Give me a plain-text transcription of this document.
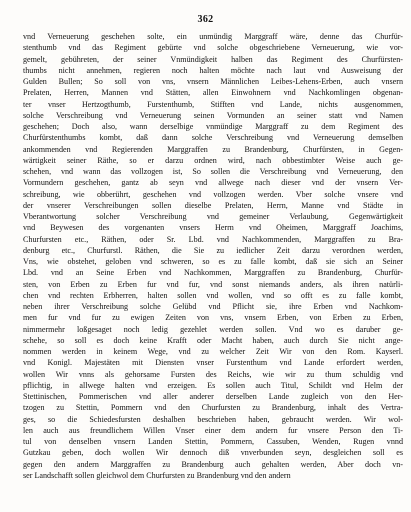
362
vnd Verneuerung geschehen solte, ein unmündig Marggraff wäre, denne das Churfür-
stenthumb vnd das Regiment gebürte vnd solche obgeschriebene Verneuerung, wie vor-
gemelt, gebühreten, der seiner Vnmündigkeit halben das Regiment des Churfürsten-
thumbs nicht annehmen, regieren noch halten möchte nach laut vnd Ausweisung der
Gulden Bullen; So soll von vns, vnsern Männlichen Leibes-Lehens-Erben, auch vnsern
Prelaten, Herren, Mannen vnd Stätten, allen Einwohnern vnd Nachkomlingen obgenan-
ter vnser Hertzogthumb, Furstenthumb, Stifften vnd Lande, nichts ausgenommen,
solche Verschreibung vnd Verneuerung seinen Vormunden an seiner statt vnd Namen
geschehen; Doch also, wann derselbige vnmündige Marggraff zu dem Regiment des
Churfürstenthumbs kombt, daß dann solche Verschreibung vnd Verneuerung demselben
ankommenden vnd Regierenden Marggraffen zu Brandenburg, Churfürsten, in Gegen-
wärtigkeit seiner Räthe, so er darzu ordnen wird, nach obbestimbter Weise auch ge-
schehen, vnd wann das vollzogen ist, So sollen die Verschreibung vnd Verneuerung, den
Vormundern geschehen, gantz ab seyn vnd allwege nach dieser vnd der vnsern Ver-
schreibung, wie obberührt, geschehen vnd vollzogen werden. Vber solche vnsere vnd
der vnserer Verschreibungen sollen dieselbe Prelaten, Herrn, Manne vnd Städte in
Vberantwortung solcher Verschreibung vnd gemeiner Verlaubung, Gegenwärtigkeit
vnd Beywesen des vorgenanten vnsers Herrn vnd Oheimen, Marggraff Joachims,
Churfursten etc., Räthen, oder Sr. Lbd. vnd Nachkommenden, Marggraffen zu Bra-
denburg etc., Churfurstl. Räthen, die Sie zu iedlicher Zeit darzu verordnen werden,
Vns, wie obstehet, geloben vnd schweren, so es zu falle kombt, daß sie sich an Seiner
Lbd. vnd an Seine Erben vnd Nachkommen, Marggraffen zu Brandenburg, Churfür-
sten, von Erben zu Erben fur vnd fur, vnd sonst niemands anders, als ihren natürli-
chen vnd rechten Erbherren, halten sollen vnd wollen, vnd so offt es zu falle kombt,
neben ihrer Verschreibung solche Gelübd vnd Pflicht sie, ihre Erben vnd Nachkom-
men fur vnd fur zu ewigen Zeiten von vns, vnsern Erben, von Erben zu Erben,
nimmermehr loßgesaget noch ledig gezehlet werden sollen. Vnd wo es daruber ge-
schehe, so soll es doch keine Krafft oder Macht haben, auch durch Sie nicht ange-
nommen werden in keinem Wege, vnd zu welcher Zeit Wir von den Rom. Kayserl.
vnd Konigl. Majestäten mit Diensten vnser Furstenthum vnd Lande erfordert werden,
wollen Wir vnns als gehorsame Fursten des Reichs, wie wir zu thum schuldig vnd
pflichtig, in allwege halten vnd erzeigen. Es sollen auch Titul, Schildt vnd Helm der
Stettinischen, Pommerischen vnd aller anderer derselben Lande zugleich von den Her-
tzogen zu Stettin, Pommern vnd den Churfursten zu Brandenburg, inhalt des Vertra-
ges, so die Schiedesfursten deshalben beschrieben haben, gebraucht werden. Wir wol-
len auch aus freundlichem Willen Vnser einer dem andern fur vnsere Person den Ti-
tul von denselben vnsern Landen Stettin, Pommern, Cassuben, Wenden, Rugen vnnd
Gutzkau geben, doch wollen Wir dennoch diß vnverbunden seyn, desgleichen soll es
gegen den andern Marggraffen zu Brandenburg auch gehalten werden, Aber doch vn-
ser Landschafft sollen gleichwol dem Churfursten zu Brandenburg vnd den andern
